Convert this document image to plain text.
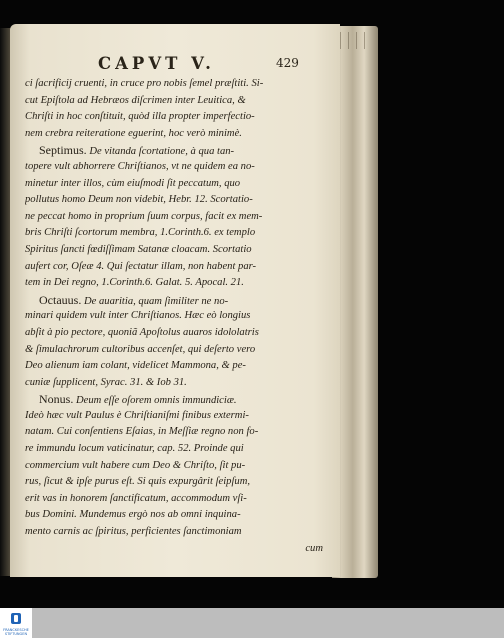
CAPVT V.	429
ci ſacrificij cruenti, in cruce pro nobis ſemel præſtiti. Si-
cut Epiſtola ad Hebræos diſcrimen inter Leuitica, &
Chriſti in hoc conſtituit, quòd illa propter imperfectio-
nem crebra reiteratione eguerint, hoc verò minimè.
Septimus. De vitanda ſcortatione, à qua tan-
topere vult abhorrere Chriſtianos, vt ne quidem ea no-
minetur inter illos, cùm eiuſmodi ſit peccatum, quo
pollutus homo Deum non videbit, Hebr. 12. Scortatio-
ne peccat homo in proprium ſuum corpus, facit ex mem-
bris Chriſti ſcortorum membra, 1.Corinth.6. ex templo
Spiritus ſancti fœdiſſimam Satanæ cloacam. Scortatio
aufert cor, Oſeæ 4. Qui ſectatur illam, non habent par-
tem in Dei regno, 1.Corinth.6. Galat. 5. Apocal. 21.
Octauus. De auaritia, quam ſimiliter ne no-
minari quidem vult inter Chriſtianos. Hæc eò longius
abſit à pio pectore, quoniã Apoſtolus auaros idololatris
& ſimulachrorum cultoribus accenſet, qui deſerto vero
Deo alienum iam colant, videlicet Mammona, & pe-
cuniæ ſupplicent, Syrac. 31. & Iob 31.
Nonus. Deum eſſe oſorem omnis immundiciæ.
Ideò hæc vult Paulus è Chriſtianiſmi finibus extermi-
natam. Cui conſentiens Eſaias, in Meſſiæ regno non fo-
re immundu locum vaticinatur, cap. 52. Proinde qui
commercium vult habere cum Deo & Chriſto, ſit pu-
rus, ſicut & ipſe purus eſt. Si quis expurgârit ſeipſum,
erit vas in honorem ſanctificatum, accommodum vſi-
bus Domini. Mundemus ergò nos ab omni inquina-
mento carnis ac ſpiritus, perficientes ſanctimoniam
cum
FRANCKESCHE STIFTUNGEN
